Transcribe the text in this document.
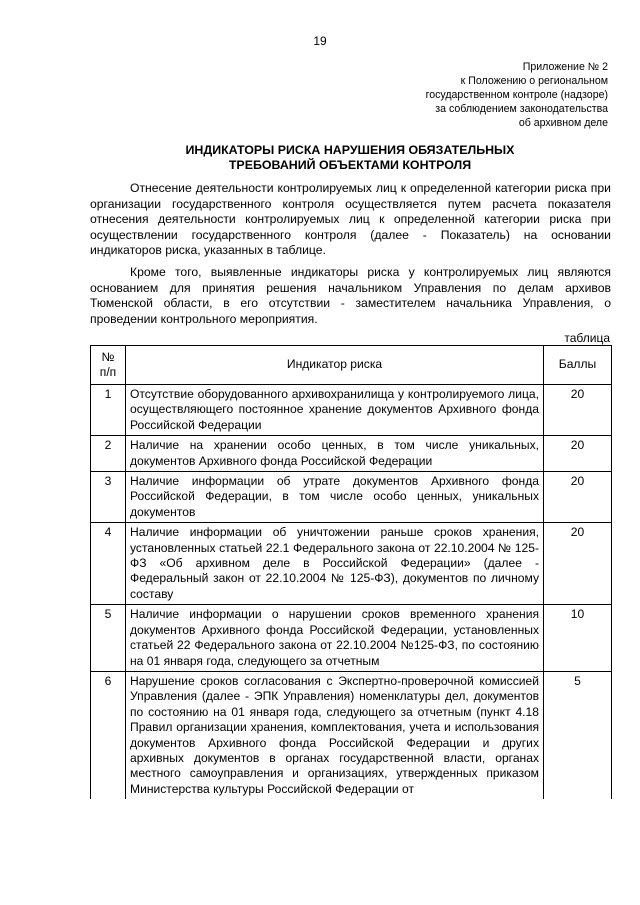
19
Приложение № 2
к Положению о региональном
государственном контроле (надзоре)
за соблюдением законодательства
об архивном деле
ИНДИКАТОРЫ РИСКА НАРУШЕНИЯ ОБЯЗАТЕЛЬНЫХ
ТРЕБОВАНИЙ ОБЪЕКТАМИ КОНТРОЛЯ

Отнесение деятельности контролируемых лиц к определенной категории риска при организации государственного контроля осуществляется путем расчета показателя отнесения деятельности контролируемых лиц к определенной категории риска при осуществлении государственного контроля (далее - Показатель) на основании индикаторов риска, указанных в таблице.

Кроме того, выявленные индикаторы риска у контролируемых лиц являются основанием для принятия решения начальником Управления по делам архивов Тюменской области, в его отсутствии - заместителем начальника Управления, о проведении контрольного мероприятия.

таблица
№ п/п	Индикатор риска	Баллы
1	Отсутствие оборудованного архивохранилища у контролируемого лица, осуществляющего постоянное хранение документов Архивного фонда Российской Федерации	20
2	Наличие на хранении особо ценных, в том числе уникальных, документов Архивного фонда Российской Федерации	20
3	Наличие информации об утрате документов Архивного фонда Российской Федерации, в том числе особо ценных, уникальных документов	20
4	Наличие информации об уничтожении раньше сроков хранения, установленных статьей 22.1 Федерального закона от 22.10.2004 № 125-ФЗ «Об архивном деле в Российской Федерации» (далее - Федеральный закон от 22.10.2004 № 125-ФЗ), документов по личному составу	20
5	Наличие информации о нарушении сроков временного хранения документов Архивного фонда Российской Федерации, установленных статьей 22 Федерального закона от 22.10.2004 №125-ФЗ, по состоянию на 01 января года, следующего за отчетным	10
6	Нарушение сроков согласования с Экспертно-проверочной комиссией Управления (далее - ЭПК Управления) номенклатуры дел, документов по состоянию на 01 января года, следующего за отчетным (пункт 4.18 Правил организации хранения, комплектования, учета и использования документов Архивного фонда Российской Федерации и других архивных документов в органах государственной власти, органах местного самоуправления и организациях, утвержденных приказом Министерства культуры Российской Федерации от	5
